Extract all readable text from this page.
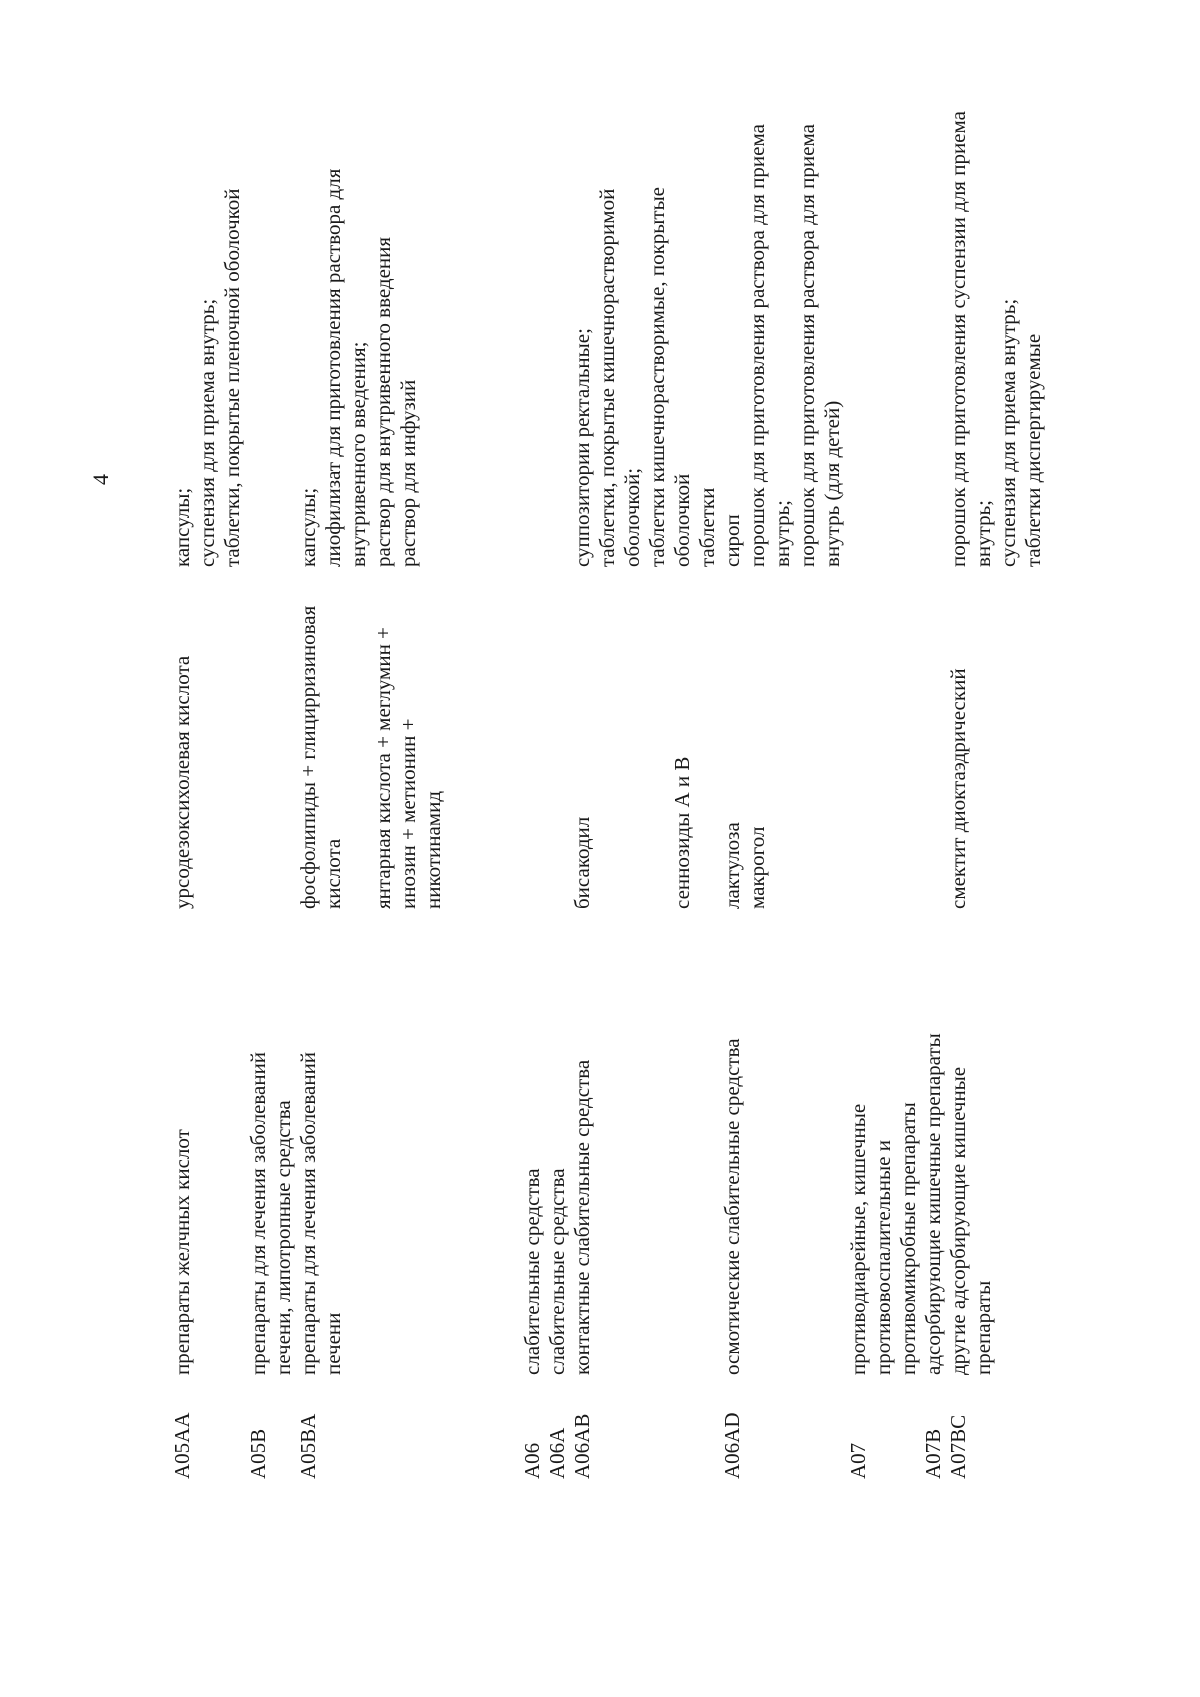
4
A05AA
препараты желчных кислот
урсодезоксихолевая кислота
капсулы; суспензия для приема внутрь; таблетки, покрытые пленочной оболочкой
A05B
A05BA
препараты для лечения заболеваний печени, липотропные средства препараты для лечения заболеваний печени

фосфолипиды + глицирризиновая кислота
янтарная кислота + меглумин + инозин + метионин + никотинамид

капсулы; лиофилизат для приготовления раствора для внутривенного введения; раствор для внутривенного введения раствор для инфузий
A06 A06A A06AB
слабительные средства слабительные средства контактные слабительные средства

бисакодил

	сеннозиды А и В

суппозитории ректальные; таблетки, покрытые кишечнорастворимой оболочкой; таблетки кишечнорастворимые, покрытые оболочкой таблетки
A06AD
осмотические слабительные средства
лактулоза макрогол
сироп порошок для приготовления раствора для приема внутрь; порошок для приготовления раствора для приема внутрь (для детей)
A07

A07B A07BC
противодиарейные, кишечные противовоспалительные и противомикробные препараты адсорбирующие кишечные препараты другие адсорбирующие кишечные препараты

смектит диоктаэдрический

порошок для приготовления суспензии для приема внутрь; суспензия для приема внутрь; таблетки диспергируемые
